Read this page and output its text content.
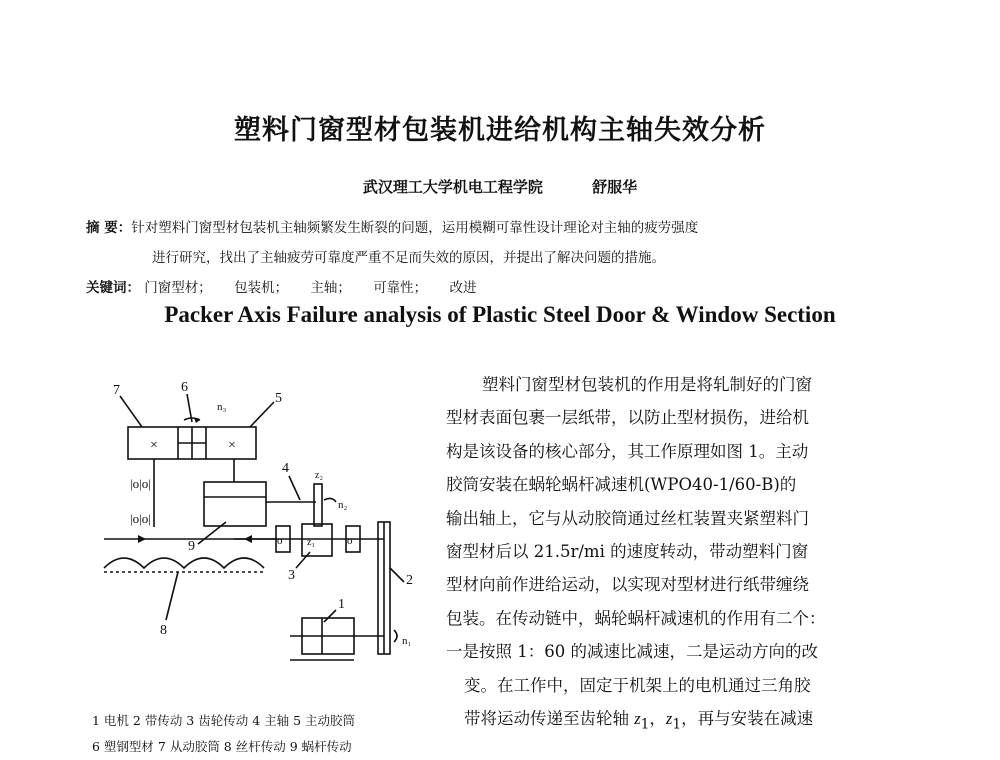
塑料门窗型材包装机进给机构主轴失效分析
武汉理工大学机电工程学院	舒服华
摘 要：针对塑料门窗型材包装机主轴频繁发生断裂的问题，运用模糊可靠性设计理论对主轴的疲劳强度
进行研究，找出了主轴疲劳可靠度严重不足而失效的原因，并提出了解决问题的措施。
关键词： 门窗型材； 包装机； 主轴； 可靠性； 改进
Packer Axis Failure analysis of Plastic Steel Door & Window Section
×	×
n₃
7	6
5
|o|o|
|o|o|
4	z₂
n₂
z₁
o	o
2
3
9
8
1
n₁
塑料门窗型材包装机的作用是将轧制好的门窗
型材表面包裹一层纸带，以防止型材损伤，进给机
构是该设备的核心部分，其工作原理如图 1。主动
胶筒安装在蜗轮蜗杆减速机(WPO40-1/60-B)的
输出轴上，它与从动胶筒通过丝杠装置夹紧塑料门
窗型材后以 21.5r/mi 的速度转动，带动塑料门窗
型材向前作进给运动，以实现对型材进行纸带缠绕
包装。在传动链中，蜗轮蜗杆减速机的作用有二个：
一是按照 1：60 的减速比减速，二是运动方向的改
变。在工作中，固定于机架上的电机通过三角胶
带将运动传递至齿轮轴 $z_1$，$z_1$，再与安装在减速
1 电机 2 带传动 3 齿轮传动 4 主轴 5 主动胶筒
6 塑钢型材 7 从动胶筒 8 丝杆传动 9 蜗杆传动
